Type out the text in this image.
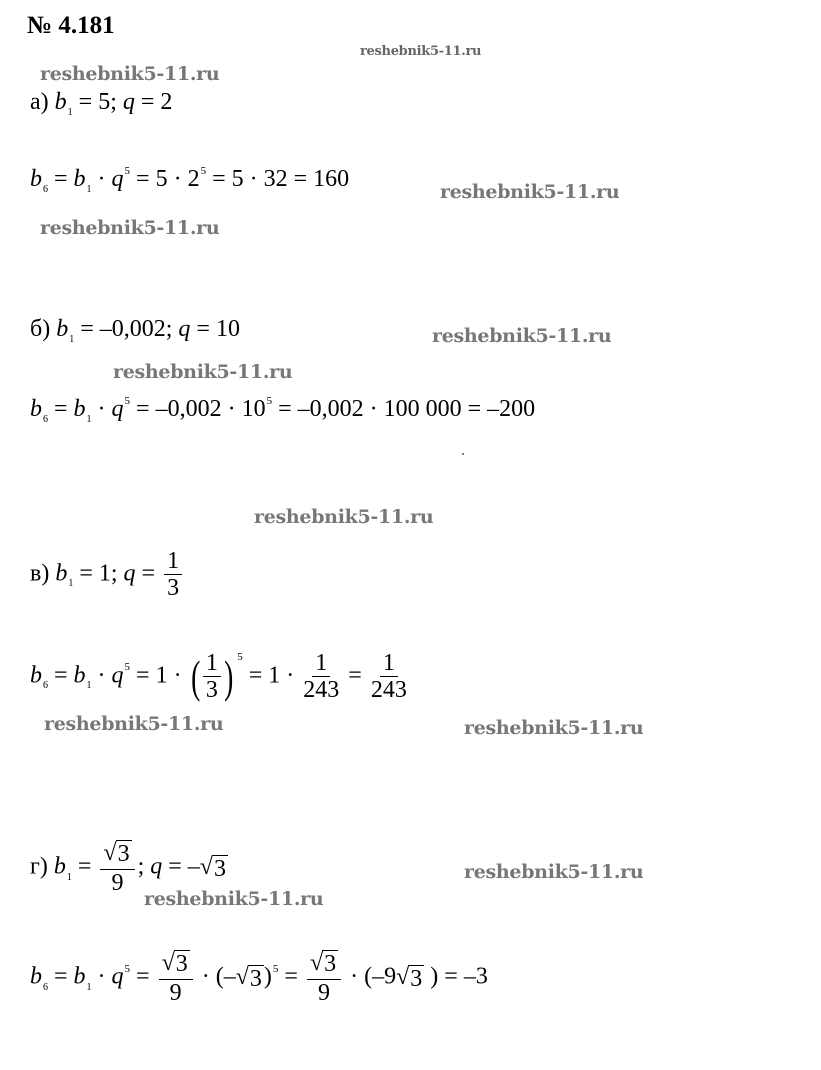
№ 4.181
reshebnik5-11.ru
reshebnik5-11.ru
reshebnik5-11.ru
reshebnik5-11.ru
reshebnik5-11.ru
reshebnik5-11.ru
reshebnik5-11.ru
reshebnik5-11.ru	reshebnik5-11.ru
reshebnik5-11.ru
reshebnik5-11.ru
а) $b_1 = 5$; q = 2
$b_6 = b_1 \cdot q^5 = 5 \cdot 2^5 = 5 \cdot 32 = 160$
б) $b_1 = -0,002$; q = 10
$b_6 = b_1 \cdot q^5 = -0,002 \cdot 10^5 = -0,002 \cdot 100$ 000 = –200
в) $b_1 = 1$; $q = \frac{1}{3}$
$b_6 = b_1 \cdot q^5 = 1$ · ( $\frac{1}{3}$ ) $^5 = 1 \cdot \frac{1}{243} = \frac{1}{243}$
г) $b_1 = \frac{√ 3}{9}$ ; q = – √ 3
$b_6 = b_1 \cdot q^5 = \frac{√ 3}{9}$ · (– √ 3 )$^5 = \frac{√ 3}{9} \cdot (-9$ √ 3 ) = –3
